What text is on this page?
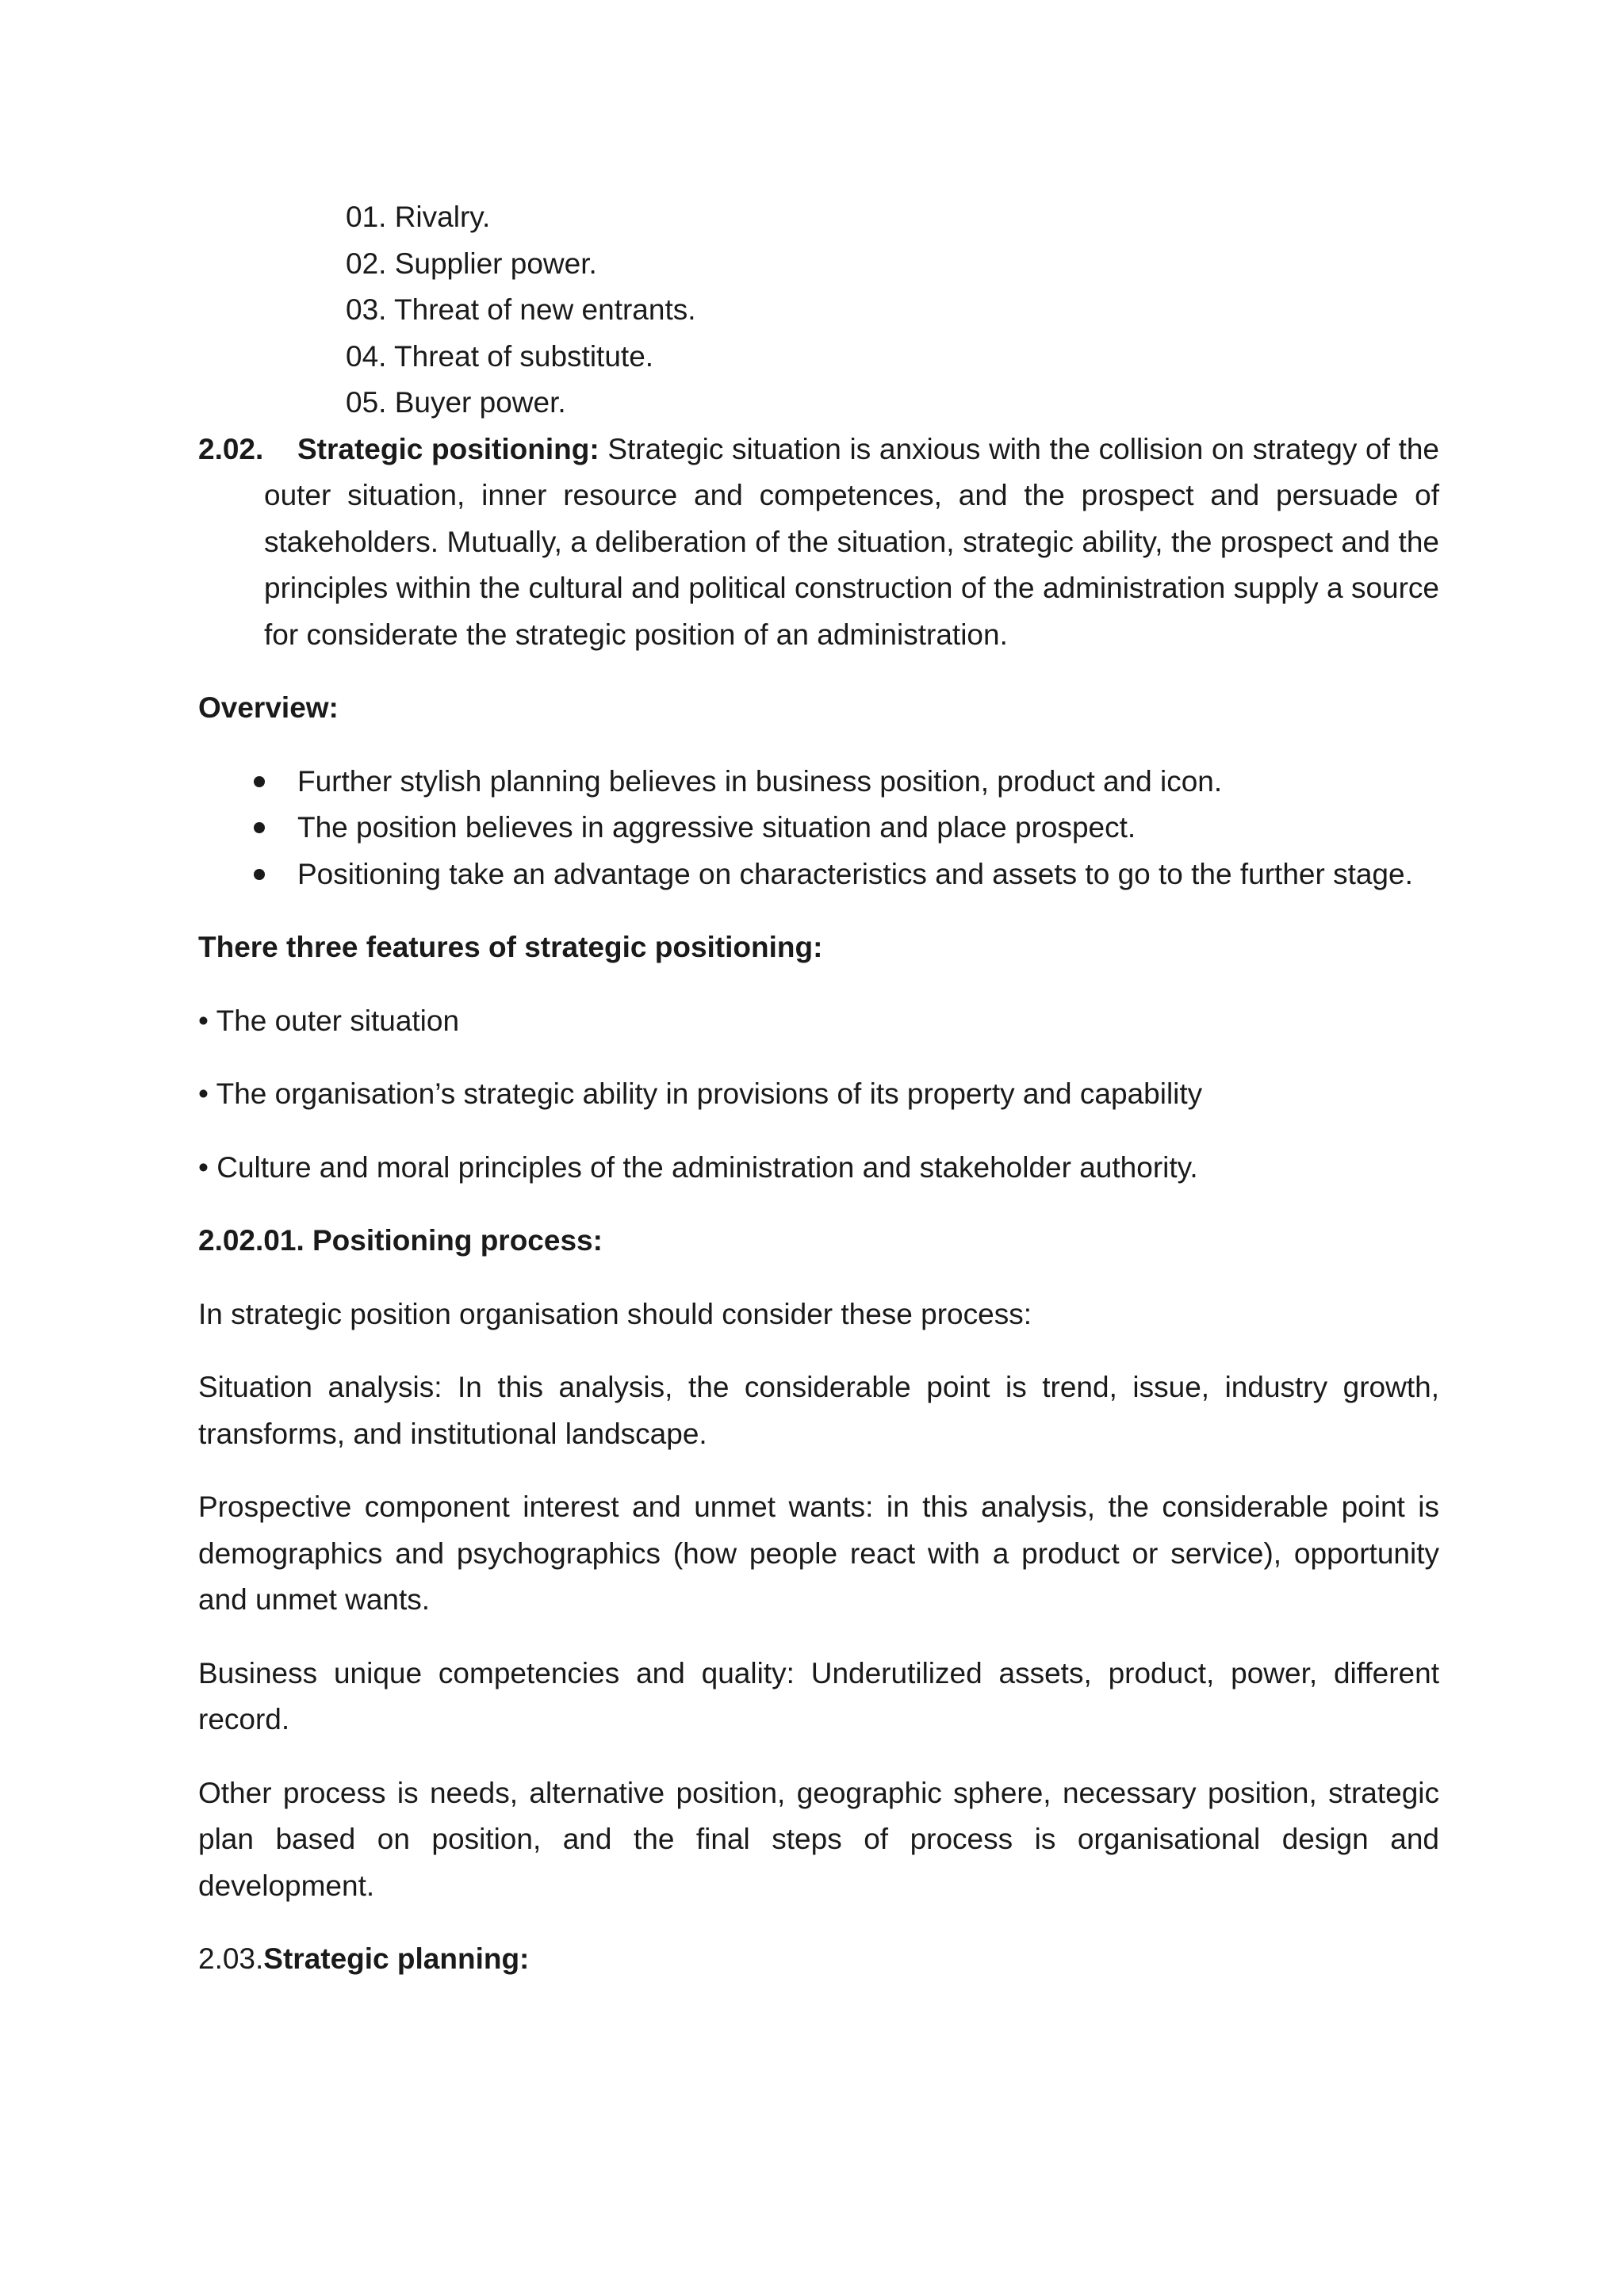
01. Rivalry.
02. Supplier power.
03. Threat of new entrants.
04. Threat of substitute.
05. Buyer power.
2.02. Strategic positioning: Strategic situation is anxious with the collision on strategy of the outer situation, inner resource and competences, and the prospect and persuade of stakeholders. Mutually, a deliberation of the situation, strategic ability, the prospect and the principles within the cultural and political construction of the administration supply a source for considerate the strategic position of an administration.

Overview:

Further stylish planning believes in business position, product and icon.
The position believes in aggressive situation and place prospect.
Positioning take an advantage on characteristics and assets to go to the further stage.

There three features of strategic positioning:

• The outer situation

• The organisation’s strategic ability in provisions of its property and capability

• Culture and moral principles of the administration and stakeholder authority.

2.02.01. Positioning process:

In strategic position organisation should consider these process:

Situation analysis: In this analysis, the considerable point is trend, issue, industry growth, transforms, and institutional landscape.

Prospective component interest and unmet wants: in this analysis, the considerable point is demographics and psychographics (how people react with a product or service), opportunity and unmet wants.

Business unique competencies and quality: Underutilized assets, product, power, different record.

Other process is needs, alternative position, geographic sphere, necessary position, strategic plan based on position, and the final steps of process is organisational design and development.

2.03.Strategic planning:
